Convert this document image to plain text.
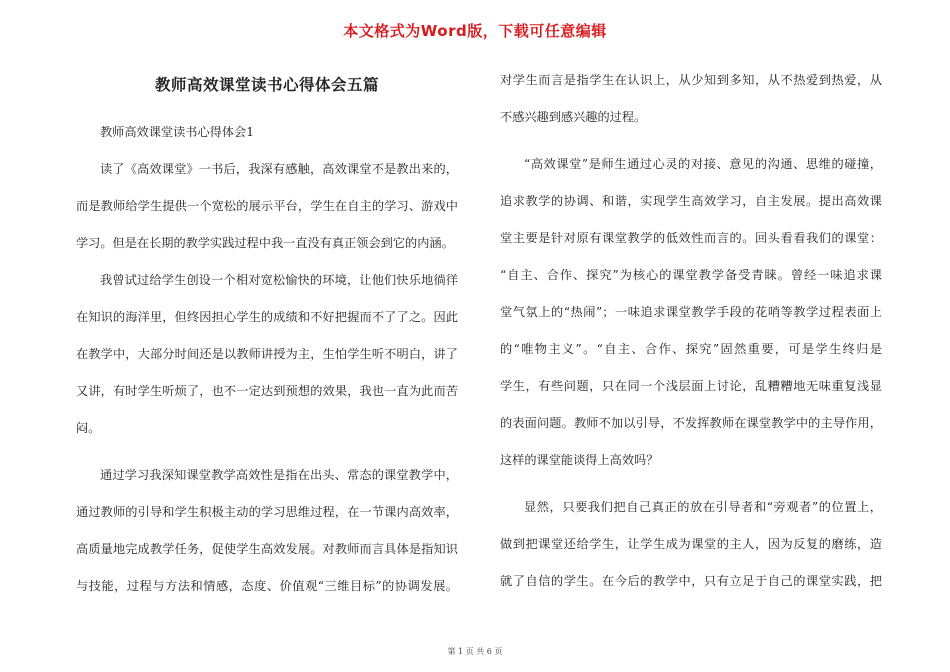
本文格式为Word版，下载可任意编辑
教师高效课堂读书心得体会五篇
教师高效课堂读书心得体会1
读了《高效课堂》一书后，我深有感触，高效课堂不是教出来的，
而是教师给学生提供一个宽松的展示平台，学生在自主的学习、游戏中
学习。但是在长期的教学实践过程中我一直没有真正领会到它的内涵。
我曾试过给学生创设一个相对宽松愉快的环境，让他们快乐地徜徉
在知识的海洋里，但终因担心学生的成绩和不好把握而不了了之。因此
在教学中，大部分时间还是以教师讲授为主，生怕学生听不明白，讲了
又讲，有时学生听烦了，也不一定达到预想的效果，我也一直为此而苦
闷。
通过学习我深知课堂教学高效性是指在出头、常态的课堂教学中，
通过教师的引导和学生积极主动的学习思维过程，在一节课内高效率，
高质量地完成教学任务，促使学生高效发展。对教师而言具体是指知识
与技能，过程与方法和情感，态度、价值观“三维目标”的协调发展。
对学生而言是指学生在认识上，从少知到多知，从不热爱到热爱，从
不感兴趣到感兴趣的过程。
“高效课堂”是师生通过心灵的对接、意见的沟通、思维的碰撞，
追求教学的协调、和谐，实现学生高效学习，自主发展。提出高效课
堂主要是针对原有课堂教学的低效性而言的。回头看看我们的课堂：
“自主、合作、探究”为核心的课堂教学备受青睐。曾经一味追求课
堂气氛上的“热闹”；一味追求课堂教学手段的花哨等教学过程表面上
的“唯物主义”。“自主、合作、探究”固然重要，可是学生终归是
学生，有些问题，只在同一个浅层面上讨论，乱糟糟地无味重复浅显
的表面问题。教师不加以引导，不发挥教师在课堂教学中的主导作用，
这样的课堂能谈得上高效吗？
显然，只要我们把自己真正的放在引导者和“旁观者”的位置上，
做到把课堂还给学生，让学生成为课堂的主人，因为反复的磨练，造
就了自信的学生。在今后的教学中，只有立足于自己的课堂实践，把
第 1 页 共 6 页
